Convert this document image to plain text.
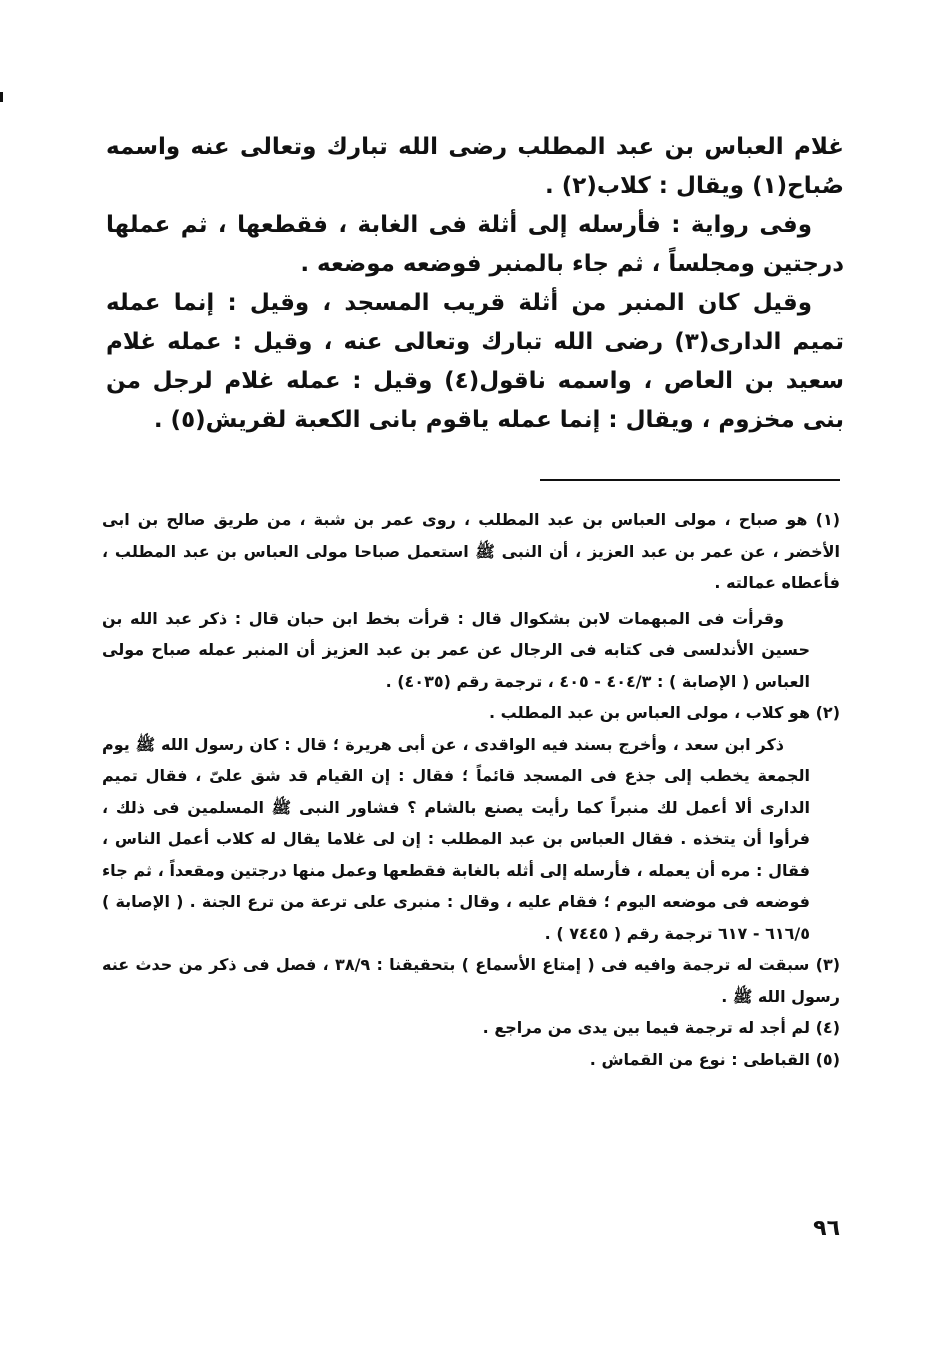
غلام العباس بن عبد المطلب رضى الله تبارك وتعالى عنه واسمه صُباح(١) ويقال : كلاب(٢) .

وفى رواية : فأرسله إلى أثلة فى الغابة ، فقطعها ، ثم عملها درجتين ومجلساً ، ثم جاء بالمنبر فوضعه موضعه .

وقيل كان المنبر من أثلة قريب المسجد ، وقيل : إنما عمله تميم الدارى(٣) رضى الله تبارك وتعالى عنه ، وقيل : عمله غلام سعيد بن العاص ، واسمه ناقول(٤) وقيل : عمله غلام لرجل من بنى مخزوم ، ويقال : إنما عمله ياقوم بانى الكعبة لقريش(٥) .

(١) هو صباح ، مولى العباس بن عبد المطلب ، روى عمر بن شبة ، من طريق صالح بن ابى الأخضر ، عن عمر بن عبد العزيز ، أن النبى ﷺ استعمل صباحا مولى العباس بن عبد المطلب ، فأعطاه عمالته .

وقرأت فى المبهمات لابن بشكوال قال : قرأت بخط ابن حبان قال : ذكر عبد الله بن حسين الأندلسى فى كتابه فى الرجال عن عمر بن عبد العزيز أن المنبر عمله صباح مولى العباس ( الإصابة ) : ٤٠٤/٣ - ٤٠٥ ، ترجمة رقم (٤٠٣٥) .

(٢) هو كلاب ، مولى العباس بن عبد المطلب .

ذكر ابن سعد ، وأخرج بسند فيه الواقدى ، عن أبى هريرة ؛ قال : كان رسول الله ﷺ يوم الجمعة يخطب إلى جذع فى المسجد قائماً ؛ فقال : إن القيام قد شق علىّ ، فقال تميم الدارى ألا أعمل لك منبراً كما رأيت يصنع بالشام ؟ فشاور النبى ﷺ المسلمين فى ذلك ، فرأوا أن يتخذه . فقال العباس بن عبد المطلب : إن لى غلاما يقال له كلاب أعمل الناس ، فقال : مره أن يعمله ، فأرسله إلى أثله بالغابة فقطعها وعمل منها درجتين ومقعداً ، ثم جاء فوضعه فى موضعه اليوم ؛ فقام عليه ، وقال : منبرى على ترعة من ترع الجنة . ( الإصابة ) ٦١٦/٥ - ٦١٧ ترجمة رقم ( ٧٤٤٥ ) .

(٣) سبقت له ترجمة وافيه فى ( إمتاع الأسماع ) بتحقيقنا : ٣٨/٩ ، فصل فى ذكر من حدث عنه رسول الله ﷺ .

(٤) لم أجد له ترجمة فيما بين يدى من مراجع .

(٥) القباطى : نوع من القماش .

٩٦
